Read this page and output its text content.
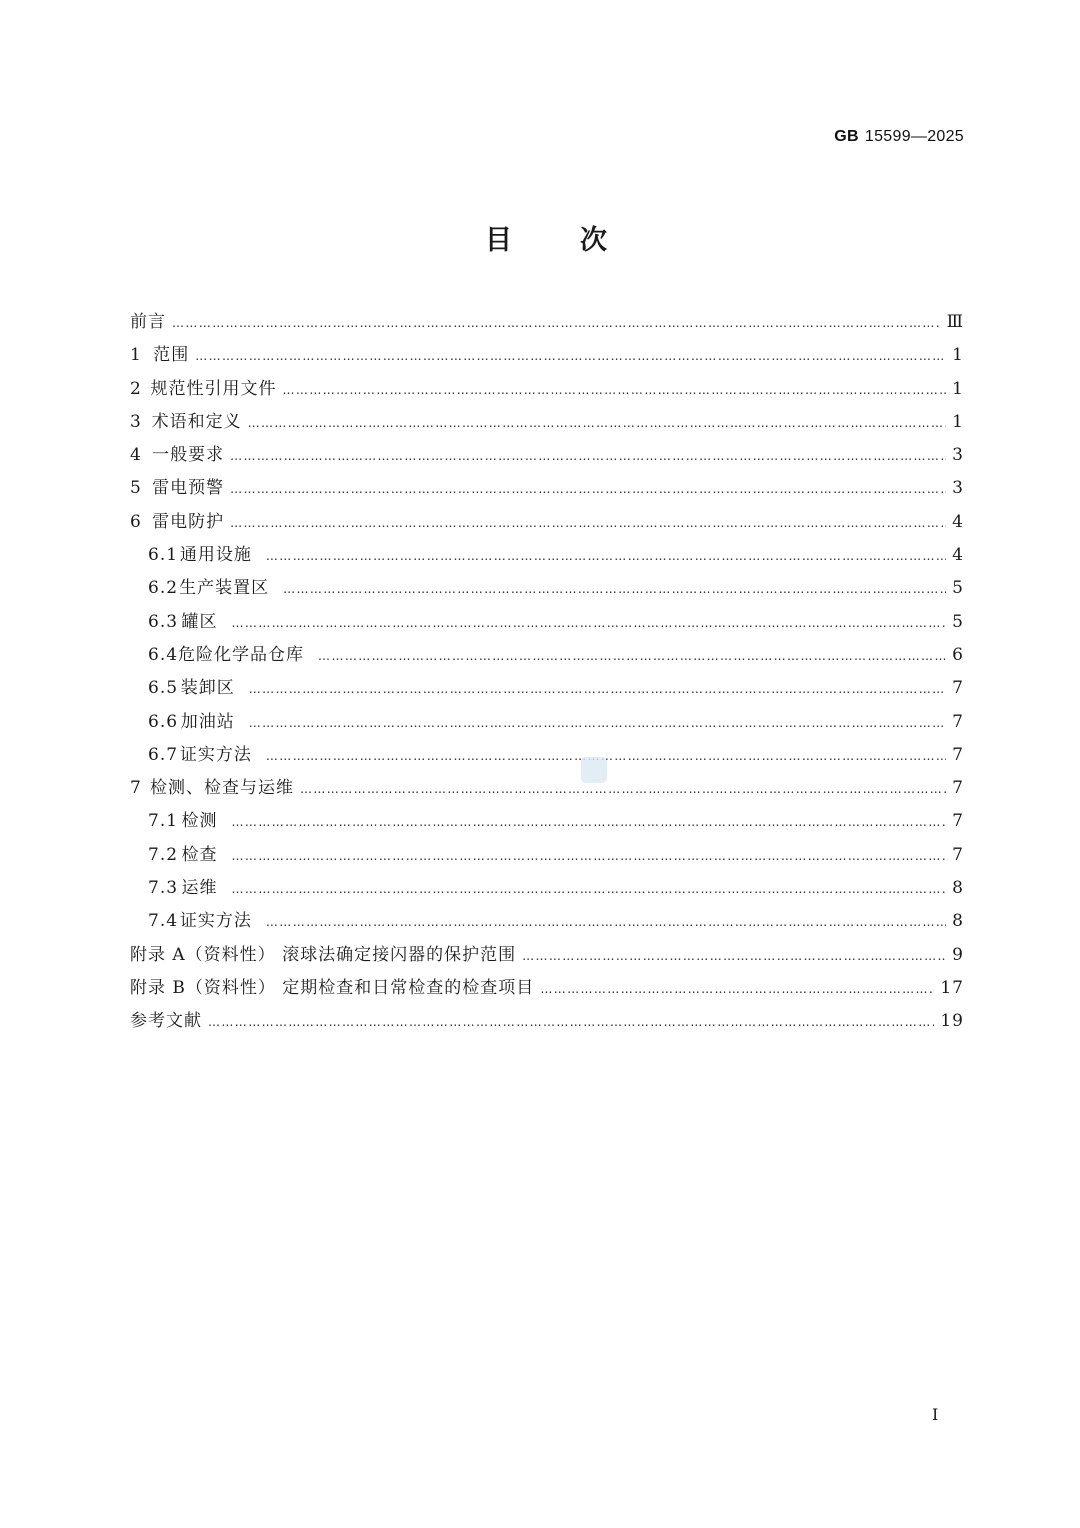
GB 15599—2025
目	次
前言 …………………………………………………………………………………………………………………………………………………………………………………………	Ⅲ
1 范围 …………………………………………………………………………………………………………………………………………………………………………………………	1
2 规范性引用文件 …………………………………………………………………………………………………………………………………………………………………………………………	1
3 术语和定义 …………………………………………………………………………………………………………………………………………………………………………………………	1
4 一般要求 …………………………………………………………………………………………………………………………………………………………………………………………	3
5 雷电预警 …………………………………………………………………………………………………………………………………………………………………………………………	3
6 雷电防护 …………………………………………………………………………………………………………………………………………………………………………………………	4
6.1 通用设施 …………………………………………………………………………………………………………………………………………………………………………………………	4
6.2 生产装置区 …………………………………………………………………………………………………………………………………………………………………………………………	5
6.3 罐区 …………………………………………………………………………………………………………………………………………………………………………………………	5
6.4 危险化学品仓库 …………………………………………………………………………………………………………………………………………………………………………………………	6
6.5 装卸区 …………………………………………………………………………………………………………………………………………………………………………………………	7
6.6 加油站 …………………………………………………………………………………………………………………………………………………………………………………………	7
6.7 证实方法 …………………………………………………………………………………………………………………………………………………………………………………………	7
7 检测、检查与运维 …………………………………………………………………………………………………………………………………………………………………………………………	7
7.1 检测 …………………………………………………………………………………………………………………………………………………………………………………………	7
7.2 检查 …………………………………………………………………………………………………………………………………………………………………………………………	7
7.3 运维 …………………………………………………………………………………………………………………………………………………………………………………………	8
7.4 证实方法 …………………………………………………………………………………………………………………………………………………………………………………………	8
附录 A（资料性） 滚球法确定接闪器的保护范围 …………………………………………………………………………………………………………………………………………………………………………………………	9
附录 B（资料性） 定期检查和日常检查的检查项目 …………………………………………………………………………………………………………………………………………………………………………………………	17
参考文献 …………………………………………………………………………………………………………………………………………………………………………………………	19
I
